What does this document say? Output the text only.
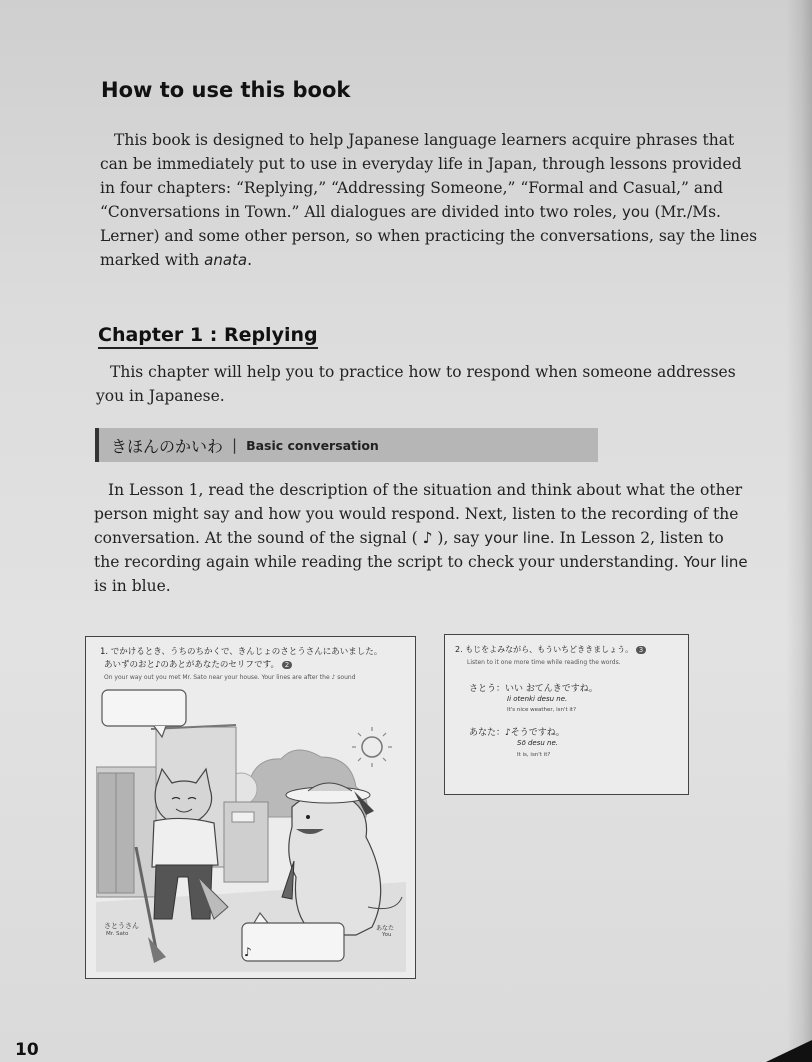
How to use this book
This book is designed to help Japanese language learners acquire phrases that
can be immediately put to use in everyday life in Japan, through lessons provided
in four chapters: “Replying,” “Addressing Someone,” “Formal and Casual,” and
“Conversations in Town.” All dialogues are divided into two roles, you (Mr./Ms.
Lerner) and some other person, so when practicing the conversations, say the lines
marked with anata.
Chapter 1 : Replying
This chapter will help you to practice how to respond when someone addresses
you in Japanese.
きほんのかいわ | Basic conversation
In Lesson 1, read the description of the situation and think about what the other
person might say and how you would respond. Next, listen to the recording of the
conversation. At the sound of the signal ( ♪ ), say your line. In Lesson 2, listen to
the recording again while reading the script to check your understanding. Your line
is in blue.
1. でかけるとき、うちのちかくで、きんじょのさとうさんにあいました。
あいずのおと♪のあとがあなたのセリフです。 2
On your way out you met Mr. Sato near your house. Your lines are after the ♪ sound
さとうさん
Mr. Sato
あなた
You
♪
2. もじをよみながら、もういちどききましょう。 3
Listen to it one more time while reading the words.
さとう：いい おてんきですね。
Ii otenki desu ne.
It's nice weather, isn't it?
あなた：♪そうですね。
Sō desu ne.
It is, isn't it?
10
